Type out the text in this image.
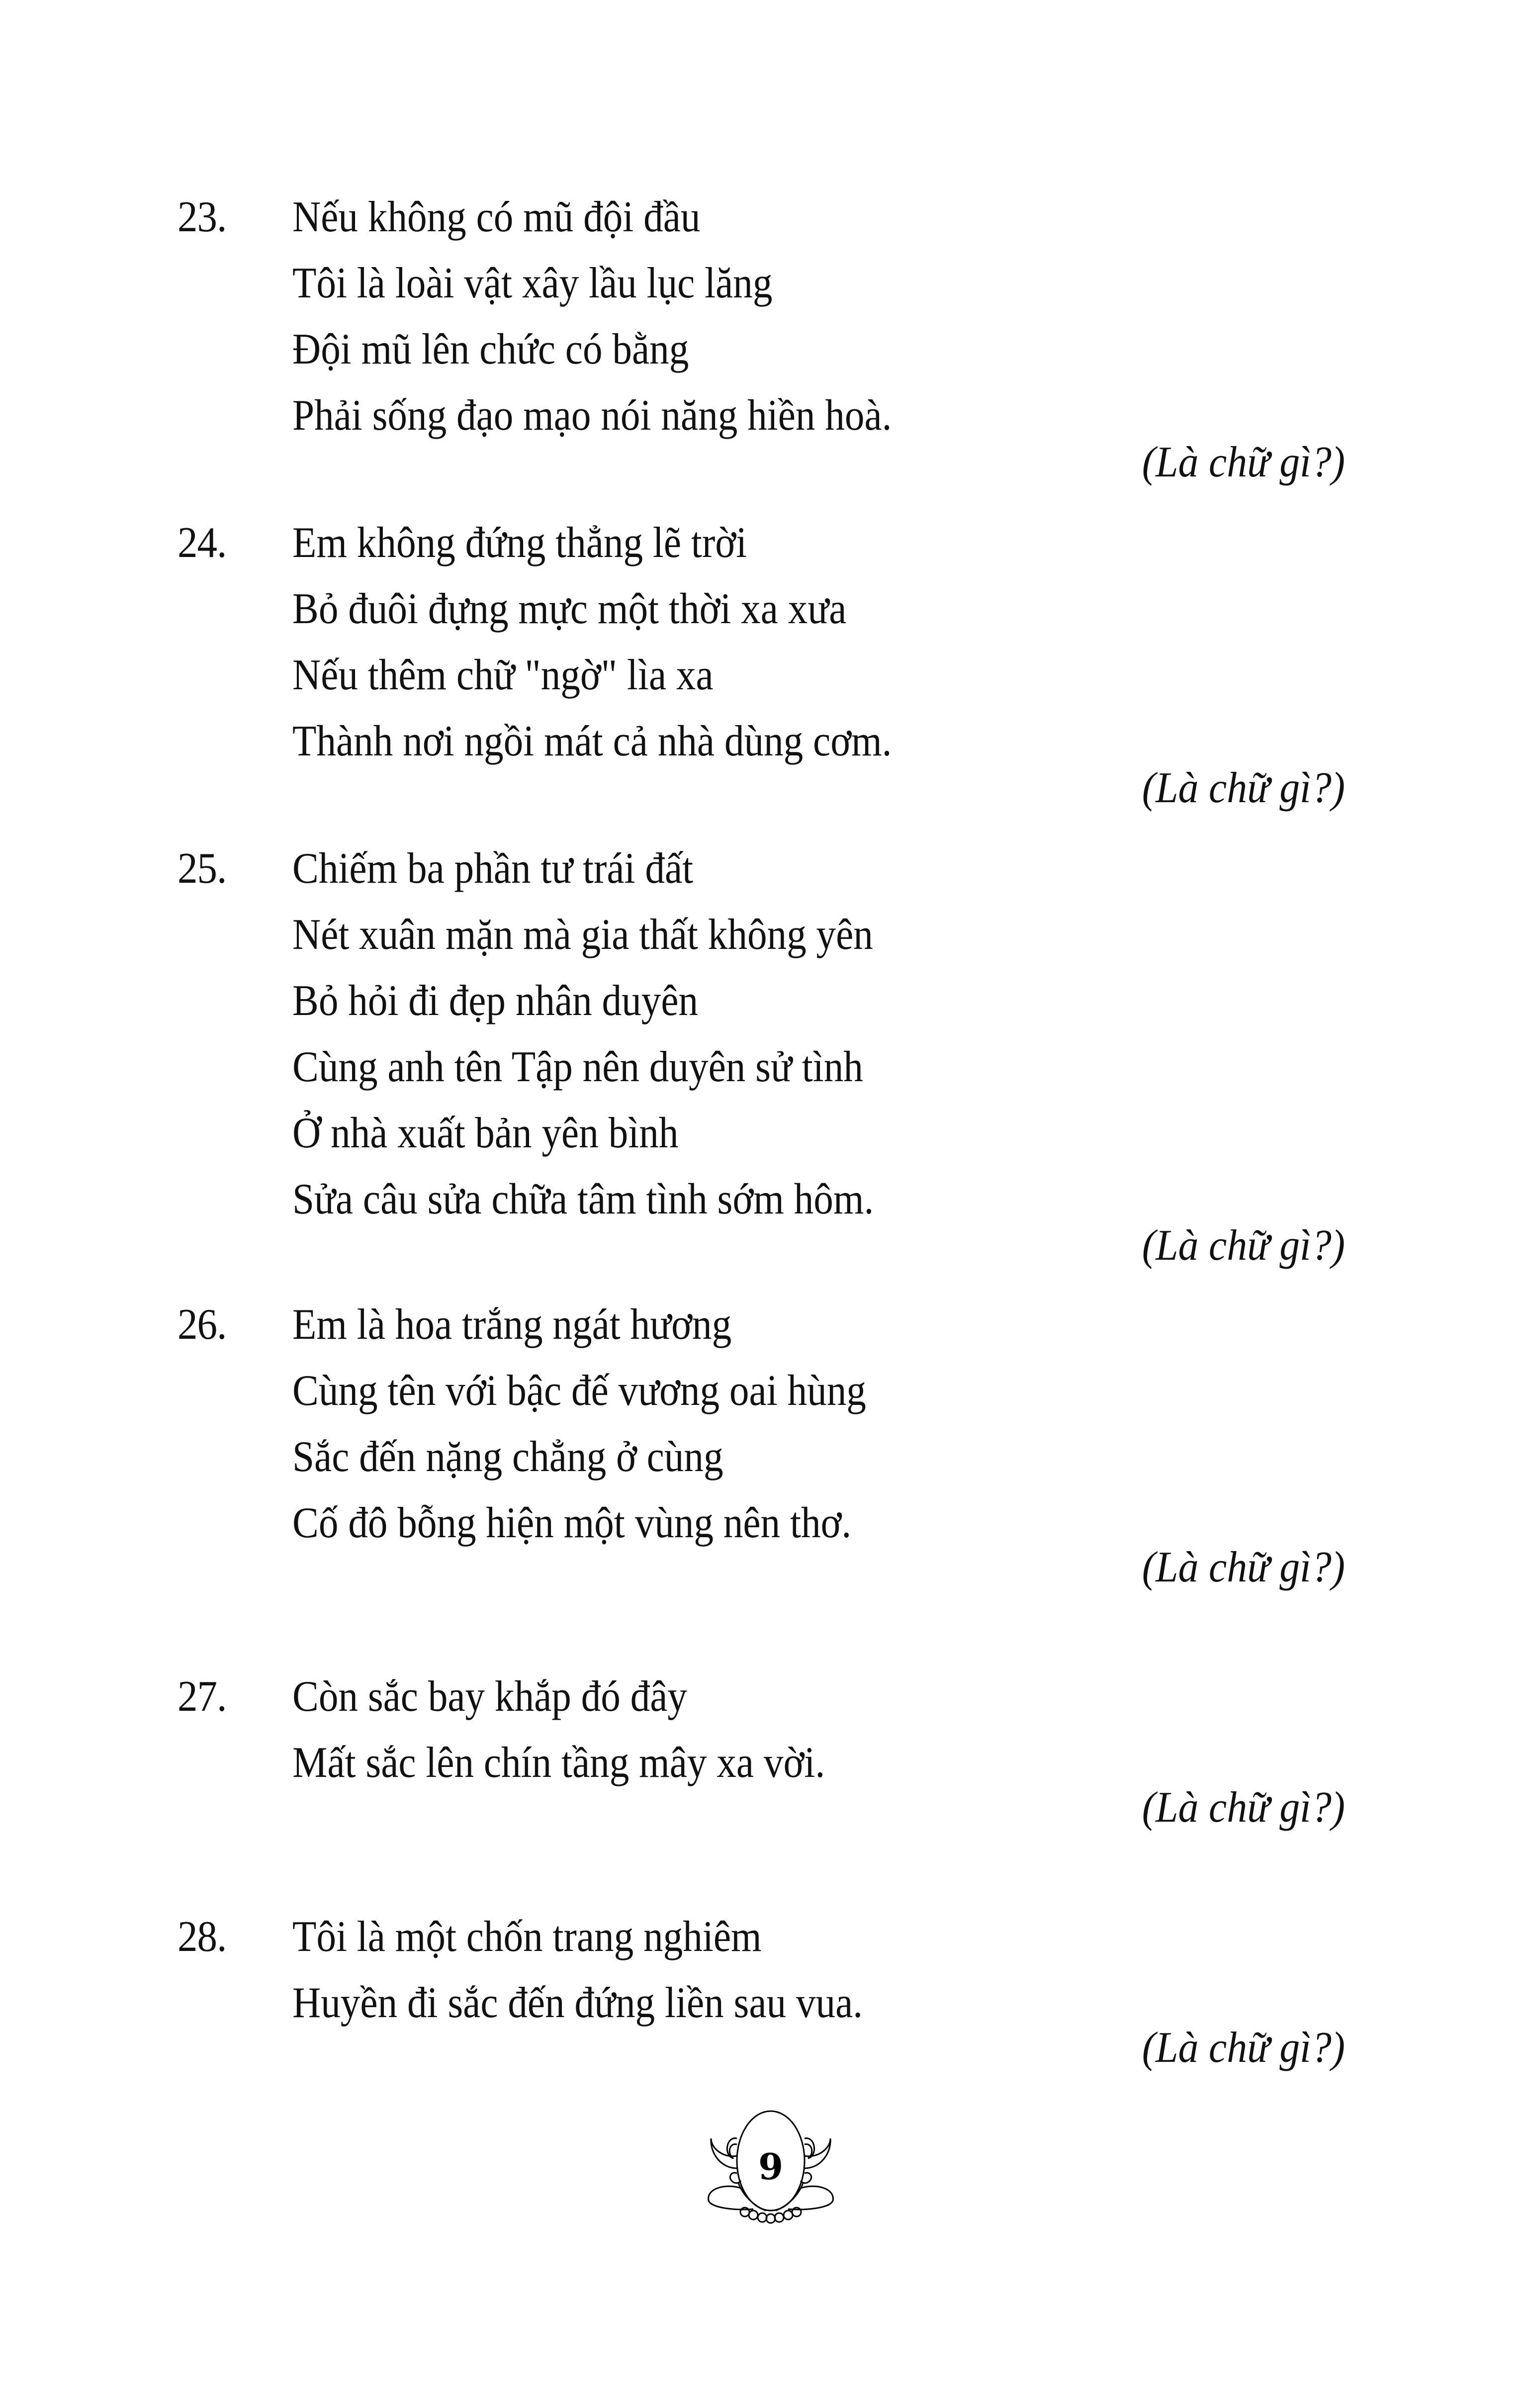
23. Nếu không có mũ đội đầu
Tôi là loài vật xây lầu lục lăng
Đội mũ lên chức có bằng
Phải sống đạo mạo nói năng hiền hoà.
(Là chữ gì?)
24. Em không đứng thẳng lẽ trời
Bỏ đuôi đựng mực một thời xa xưa
Nếu thêm chữ "ngờ" lìa xa
Thành nơi ngồi mát cả nhà dùng cơm.
(Là chữ gì?)
25. Chiếm ba phần tư trái đất
Nét xuân mặn mà gia thất không yên
Bỏ hỏi đi đẹp nhân duyên
Cùng anh tên Tập nên duyên sử tình
Ở nhà xuất bản yên bình
Sửa câu sửa chữa tâm tình sớm hôm.
(Là chữ gì?)
26. Em là hoa trắng ngát hương
Cùng tên với bậc đế vương oai hùng
Sắc đến nặng chẳng ở cùng
Cố đô bỗng hiện một vùng nên thơ.
(Là chữ gì?)
27. Còn sắc bay khắp đó đây
Mất sắc lên chín tầng mây xa vời.
(Là chữ gì?)
28. Tôi là một chốn trang nghiêm
Huyền đi sắc đến đứng liền sau vua.
(Là chữ gì?)
9
